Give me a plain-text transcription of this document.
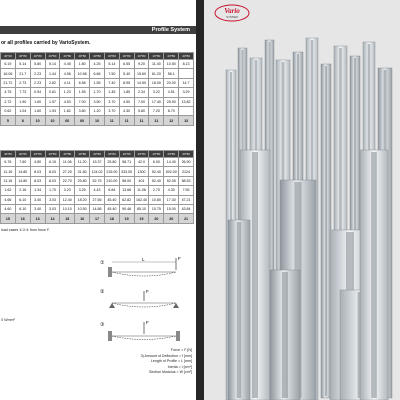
Profile System
or all profiles carried by VarioSystem.
40*40	40*80	40*80	40*80	40*80	40*80	40*80	40*80	40*80	40*80	40*80	40*80	40*80
6.19	5.14	5.80	5.14	4.45	1.80	4.25	5.14	6.55	9.20	11.40	10.50	8.13
16.06	21.7	2.23	1.44	4.56	10.58	6.66	7.50	5.40	15.60	61.20	56.1	
21.72	2.73	2.23	2.82	4.11	6.58	1.55	7.40	8.95	14.50	18.00	20.00	14.7
4.75	7.73	0.54	0.81	1.23	1.55	1.70	1.45	1.85	2.34	3.22	4.51	3.29
2.72	1.90	1.60	1.57	4.53	7.00	3.50	3.70	4.50	7.00	17.40	25.90	13.82
0.62	1.04	1.60	1.93	1.82	3.80	1.20	3.70	4.30	5.80	7.20	8.70	
5	8	10	10	60	60	10	11	11	11	11	12	13
40*80	40*80	40*80	40*80	40*80	40*80	40*80	40*80	40*80	40*80	40*80	40*80	40*80
6.76	7.60	4.80	6.15	11.06	11.20	15.37	25.80	58.71	42.0	6.00	14.40	26.90
11.16	14.80	8.03	8.03	27.20	31.80	124.02	215.00	333.00	1300	52.40	502.00	2124
11.16	14.80	8.03	8.03	22.70	25.80	52.75	210.00	58.00	401	52.40	52.05	58.53
1.62	2.16	1.34	1.70	3.23	3.25	4.43	6.84	13.66	11.06	2.70	4.30	7.55
4.66	6.10	3.40	3.03	12.40	18.20	27.65	45.40	62.82	162.40	10.80	17.30	47.21
4.60	6.10	3.40	3.03	10.10	10.50	14.88	45.40	90.46	85.10	10.75	15.00	43.84
15	16	13	14	15	16	17	18	19	19	20	20	21
load cases ①②③ from force F.
①
F
L
②	F
③	F
0 N/mm²
Force = F [N]
3) Amount of Deflection = f [mm]
Length of Profile = L [mm]
Inertia = I [cm⁴]
Section Modulus = W [cm³]
Vario
SYSTEM
